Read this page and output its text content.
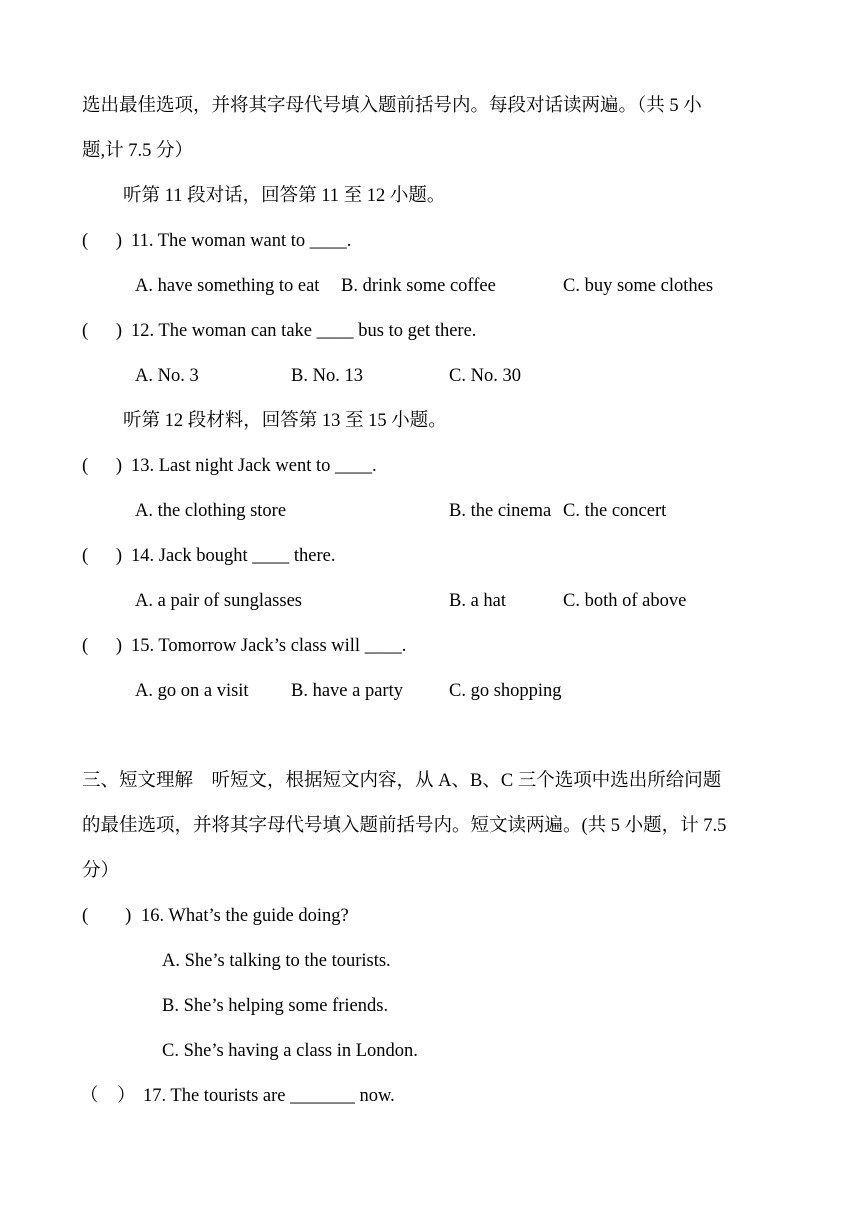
选出最佳选项，并将其字母代号填入题前括号内。每段对话读两遍。（共 5 小
题,计 7.5 分）
听第 11 段对话，回答第 11 至 12 小题。
(      ) 11. The woman want to ____.
A. have something to eat B. drink some coffee	C. buy some clothes
(      ) 12. The woman can take ____ bus to get there.
A. No. 3	B. No. 13	C. No. 30
听第 12 段材料，回答第 13 至 15 小题。
(      ) 13. Last night Jack went to ____.
A. the clothing store	B. the cinema C. the concert
(      ) 14. Jack bought ____ there.
A. a pair of sunglasses	B. a hat	C. both of above
(      ) 15. Tomorrow Jack’s class will ____.
A. go on a visit B. have a party C. go shopping
三、短文理解    听短文，根据短文内容，从 A、B、C 三个选项中选出所给问题
的最佳选项，并将其字母代号填入题前括号内。短文读两遍。(共 5 小题，计 7.5
分）
(        ) 16. What’s the guide doing?
A. She’s talking to the tourists.
B. She’s helping some friends.
C. She’s having a class in London.
（    ） 17. The tourists are _______ now.
